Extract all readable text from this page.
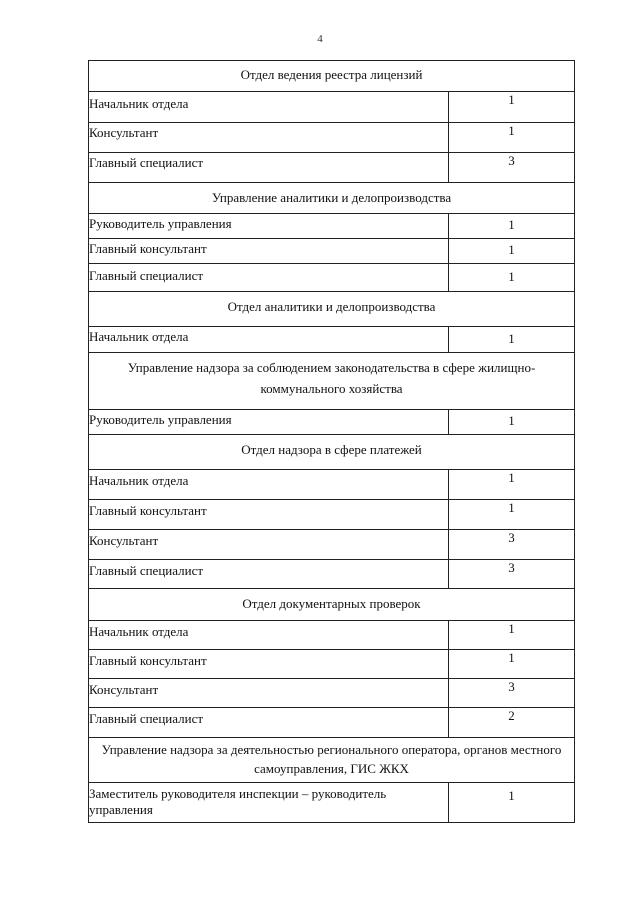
4
Отдел ведения реестра лицензий	
Начальник отдела	1
Консультант	1
Главный специалист	3
Управление аналитики и делопроизводства	
Руководитель управления	1
Главный консультант	1
Главный специалист	1
Отдел аналитики и делопроизводства	
Начальник отдела	1
Управление надзора за соблюдением законодательства в сфере жилищно-коммунального хозяйства	
Руководитель управления	1
Отдел надзора в сфере платежей	
Начальник отдела	1
Главный консультант	1
Консультант	3
Главный специалист	3
Отдел документарных проверок	
Начальник отдела	1
Главный консультант	1
Консультант	3
Главный специалист	2
Управление надзора за деятельностью регионального оператора, органов местного самоуправления, ГИС ЖКХ	
Заместитель руководителя инспекции – руководитель управления	1
